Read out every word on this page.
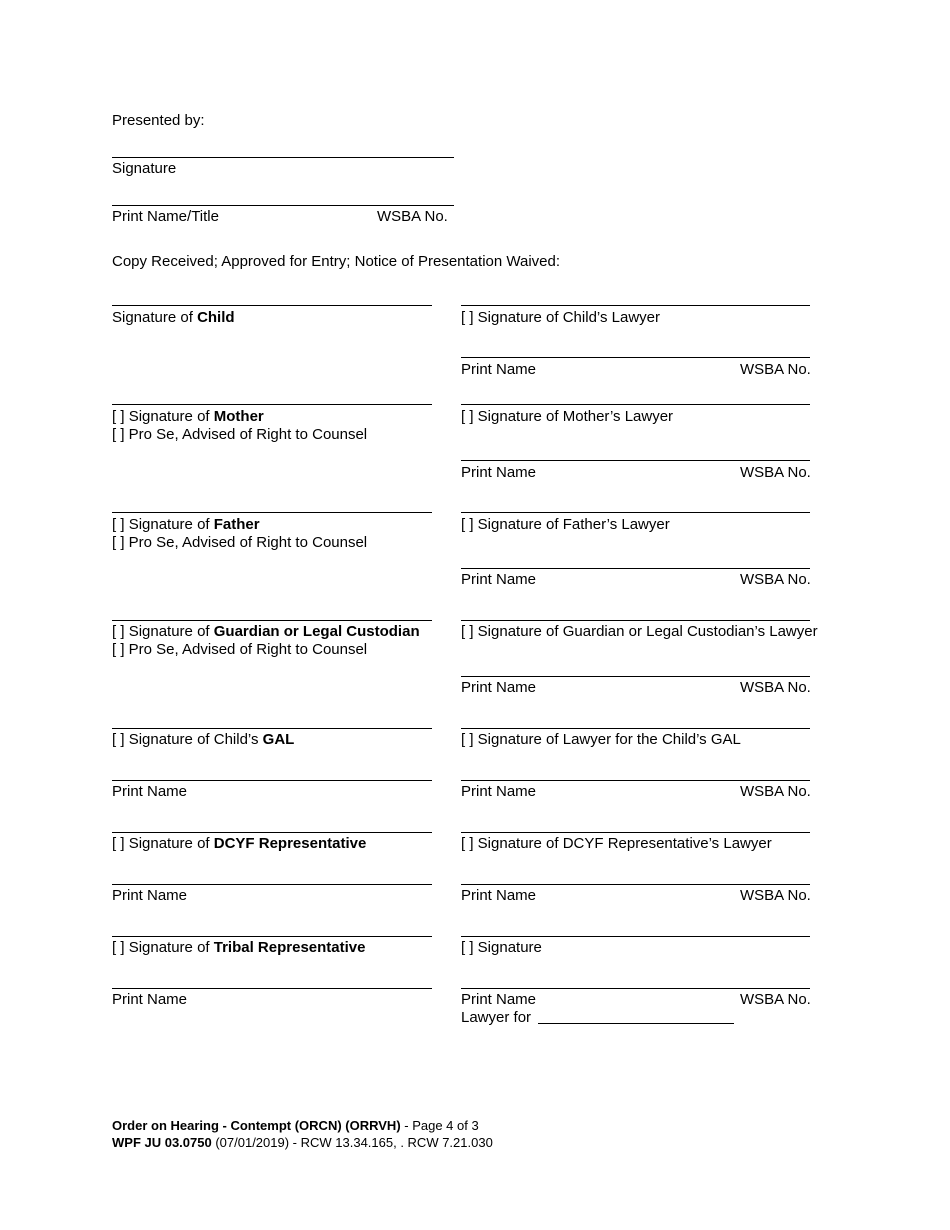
Presented by:
Signature
Print Name/Title	WSBA No.
Copy Received; Approved for Entry; Notice of Presentation Waived:
Signature of Child	[ ] Signature of Child’s Lawyer
Print Name	WSBA No.
[ ] Signature of Mother
[ ] Pro Se, Advised of Right to Counsel
[ ] Signature of Mother’s Lawyer
Print Name	WSBA No.
[ ] Signature of Father
[ ] Pro Se, Advised of Right to Counsel
[ ] Signature of Father’s Lawyer
Print Name	WSBA No.
[ ] Signature of Guardian or Legal Custodian
[ ] Pro Se, Advised of Right to Counsel
[ ] Signature of Guardian or Legal Custodian’s Lawyer
Print Name	WSBA No.
[ ] Signature of Child’s GAL
Print Name
[ ] Signature of Lawyer for the Child’s GAL
Print Name	WSBA No.
[ ] Signature of DCYF Representative
Print Name
[ ] Signature of DCYF Representative’s Lawyer
Print Name	WSBA No.
[ ] Signature of Tribal Representative
Print Name
[ ] Signature
Print Name	WSBA No.
Lawyer for
Order on Hearing - Contempt (ORCN) (ORRVH) - Page 4 of 3
WPF JU 03.0750 (07/01/2019) - RCW 13.34.165, . RCW 7.21.030
